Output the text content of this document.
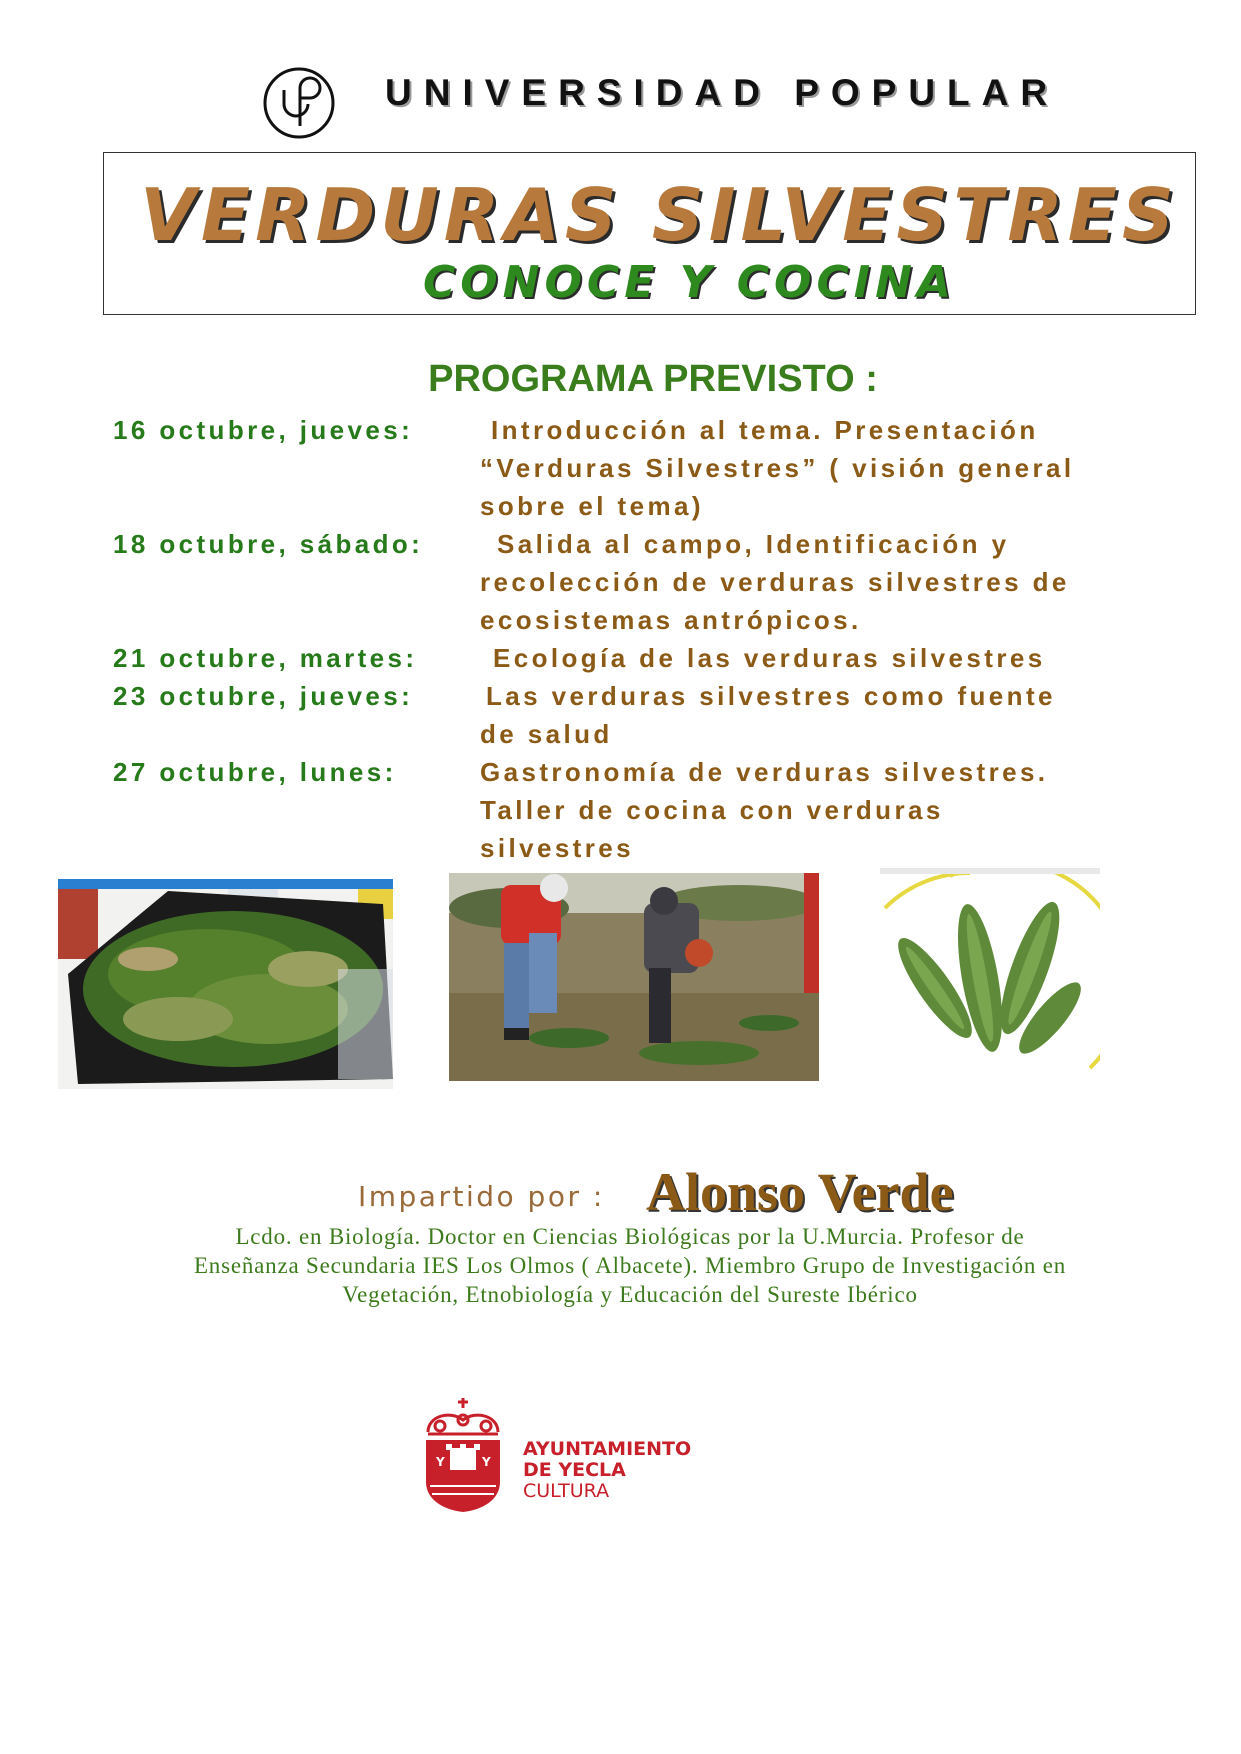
UNIVERSIDAD POPULAR
VERDURAS SILVESTRES
CONOCE Y COCINA
PROGRAMA PREVISTO :
16 octubre, jueves:	Introducción al tema. Presentación
“Verduras Silvestres” ( visión general
sobre el tema)
18 octubre, sábado:	Salida al campo, Identificación y
recolección de verduras silvestres de
ecosistemas antrópicos.
21 octubre, martes:	Ecología de las verduras silvestres
23 octubre, jueves:	Las verduras silvestres como fuente
de salud
27 octubre, lunes:	Gastronomía de verduras silvestres.
Taller de cocina con verduras
silvestres
Impartido por : Alonso Verde
Lcdo. en Biología. Doctor en Ciencias Biológicas por la U.Murcia. Profesor de
Enseñanza Secundaria IES Los Olmos ( Albacete). Miembro Grupo de Investigación en
Vegetación, Etnobiología y Educación del Sureste Ibérico
Y	Y
AYUNTAMIENTO
DE YECLA
CULTURA
